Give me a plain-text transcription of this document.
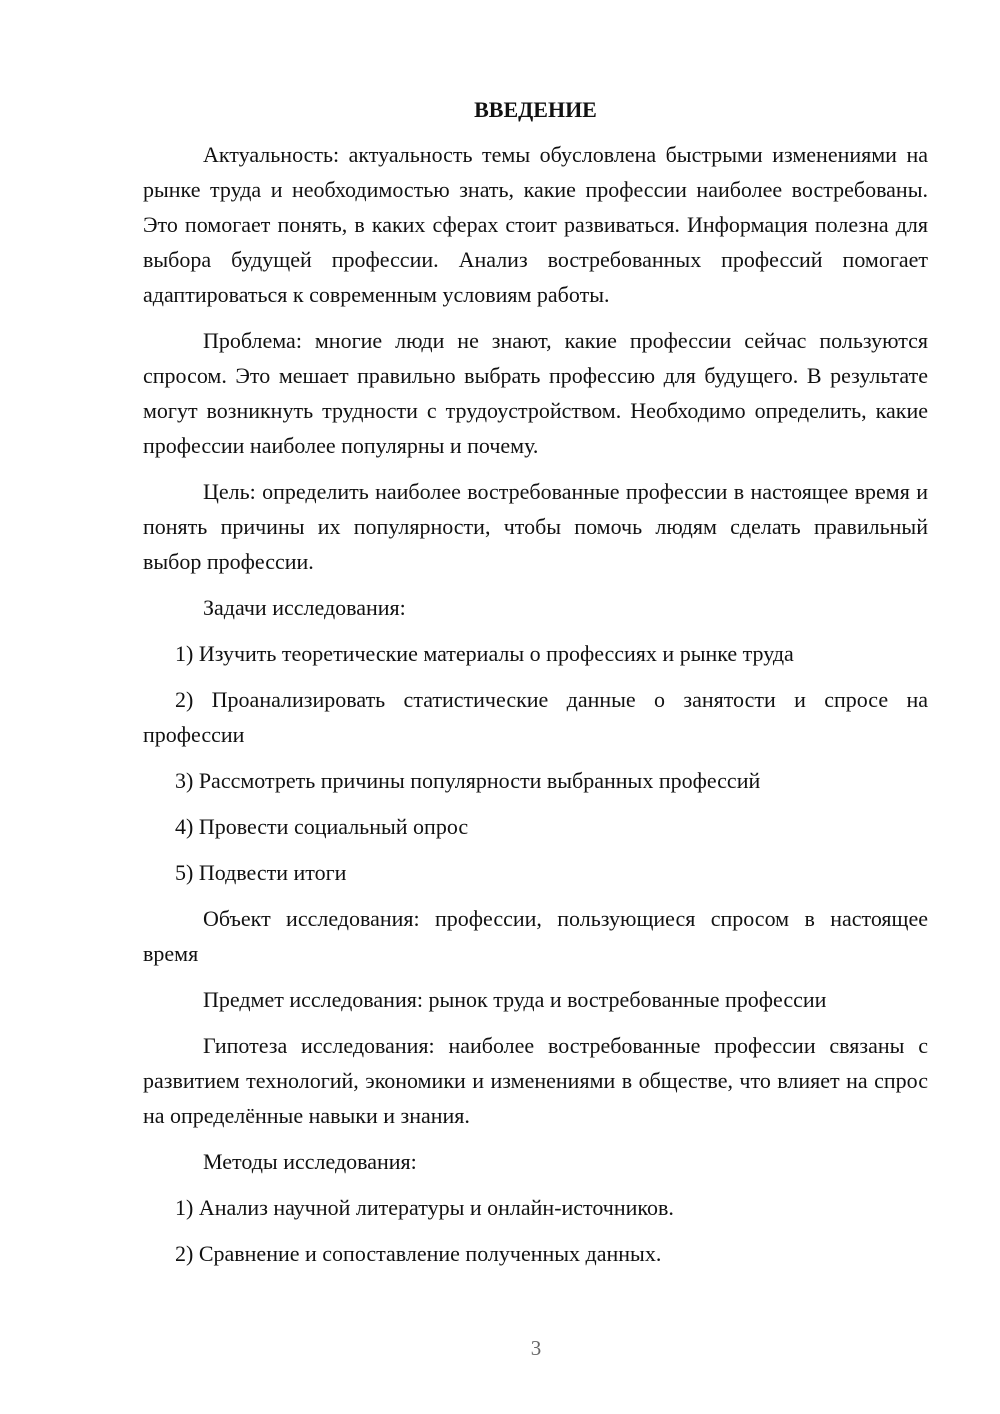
ВВЕДЕНИЕ

Актуальность: актуальность темы обусловлена быстрыми изменениями на рынке труда и необходимостью знать, какие профессии наиболее востребованы. Это помогает понять, в каких сферах стоит развиваться. Информация полезна для выбора будущей профессии. Анализ востребованных профессий помогает адаптироваться к современным условиям работы.

Проблема: многие люди не знают, какие профессии сейчас пользуются спросом. Это мешает правильно выбрать профессию для будущего. В результате могут возникнуть трудности с трудоустройством. Необходимо определить, какие профессии наиболее популярны и почему.

Цель: определить наиболее востребованные профессии в настоящее время и понять причины их популярности, чтобы помочь людям сделать правильный выбор профессии.

Задачи исследования:

1) Изучить теоретические материалы о профессиях и рынке труда

2) Проанализировать статистические данные о занятости и спросе на профессии

3) Рассмотреть причины популярности выбранных профессий

4) Провести социальный опрос

5) Подвести итоги

Объект исследования: профессии, пользующиеся спросом в настоящее время

Предмет исследования: рынок труда и востребованные профессии

Гипотеза исследования: наиболее востребованные профессии связаны с развитием технологий, экономики и изменениями в обществе, что влияет на спрос на определённые навыки и знания.

Методы исследования:

1) Анализ научной литературы и онлайн-источников.

2) Сравнение и сопоставление полученных данных.

3
